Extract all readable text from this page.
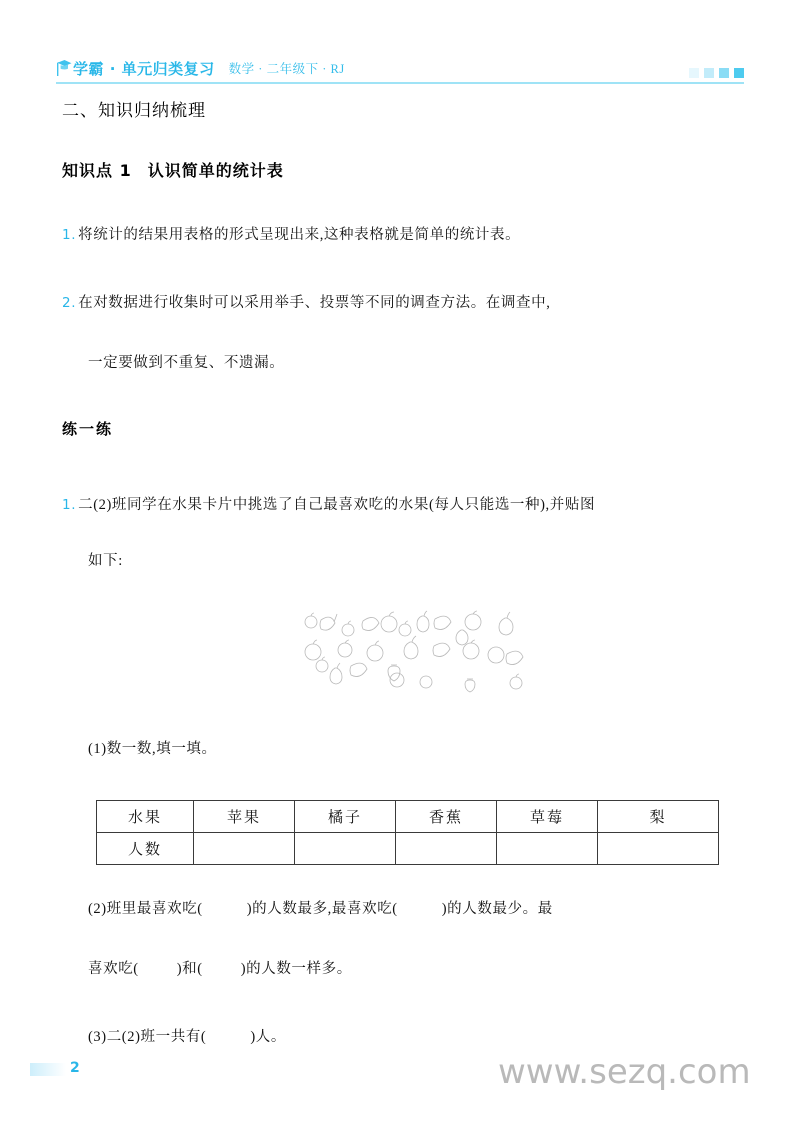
学霸 · 单元归类复习 数学 · 二年级下 · RJ
二、知识归纳梳理
知识点 1 认识简单的统计表
1. 将统计的结果用表格的形式呈现出来,这种表格就是简单的统计表。
2. 在对数据进行收集时可以采用举手、投票等不同的调查方法。在调查中,
一定要做到不重复、不遗漏。
练一练
1. 二(2)班同学在水果卡片中挑选了自己最喜欢吃的水果(每人只能选一种),并贴图
如下:
(1)数一数,填一填。
水果	苹果	橘子	香蕉	草莓	梨
人数					
(2)班里最喜欢吃(	)的人数最多,最喜欢吃(	)的人数最少。最
喜欢吃(	)和(	)的人数一样多。
(3)二(2)班一共有(	)人。
2	www.sezq.com
